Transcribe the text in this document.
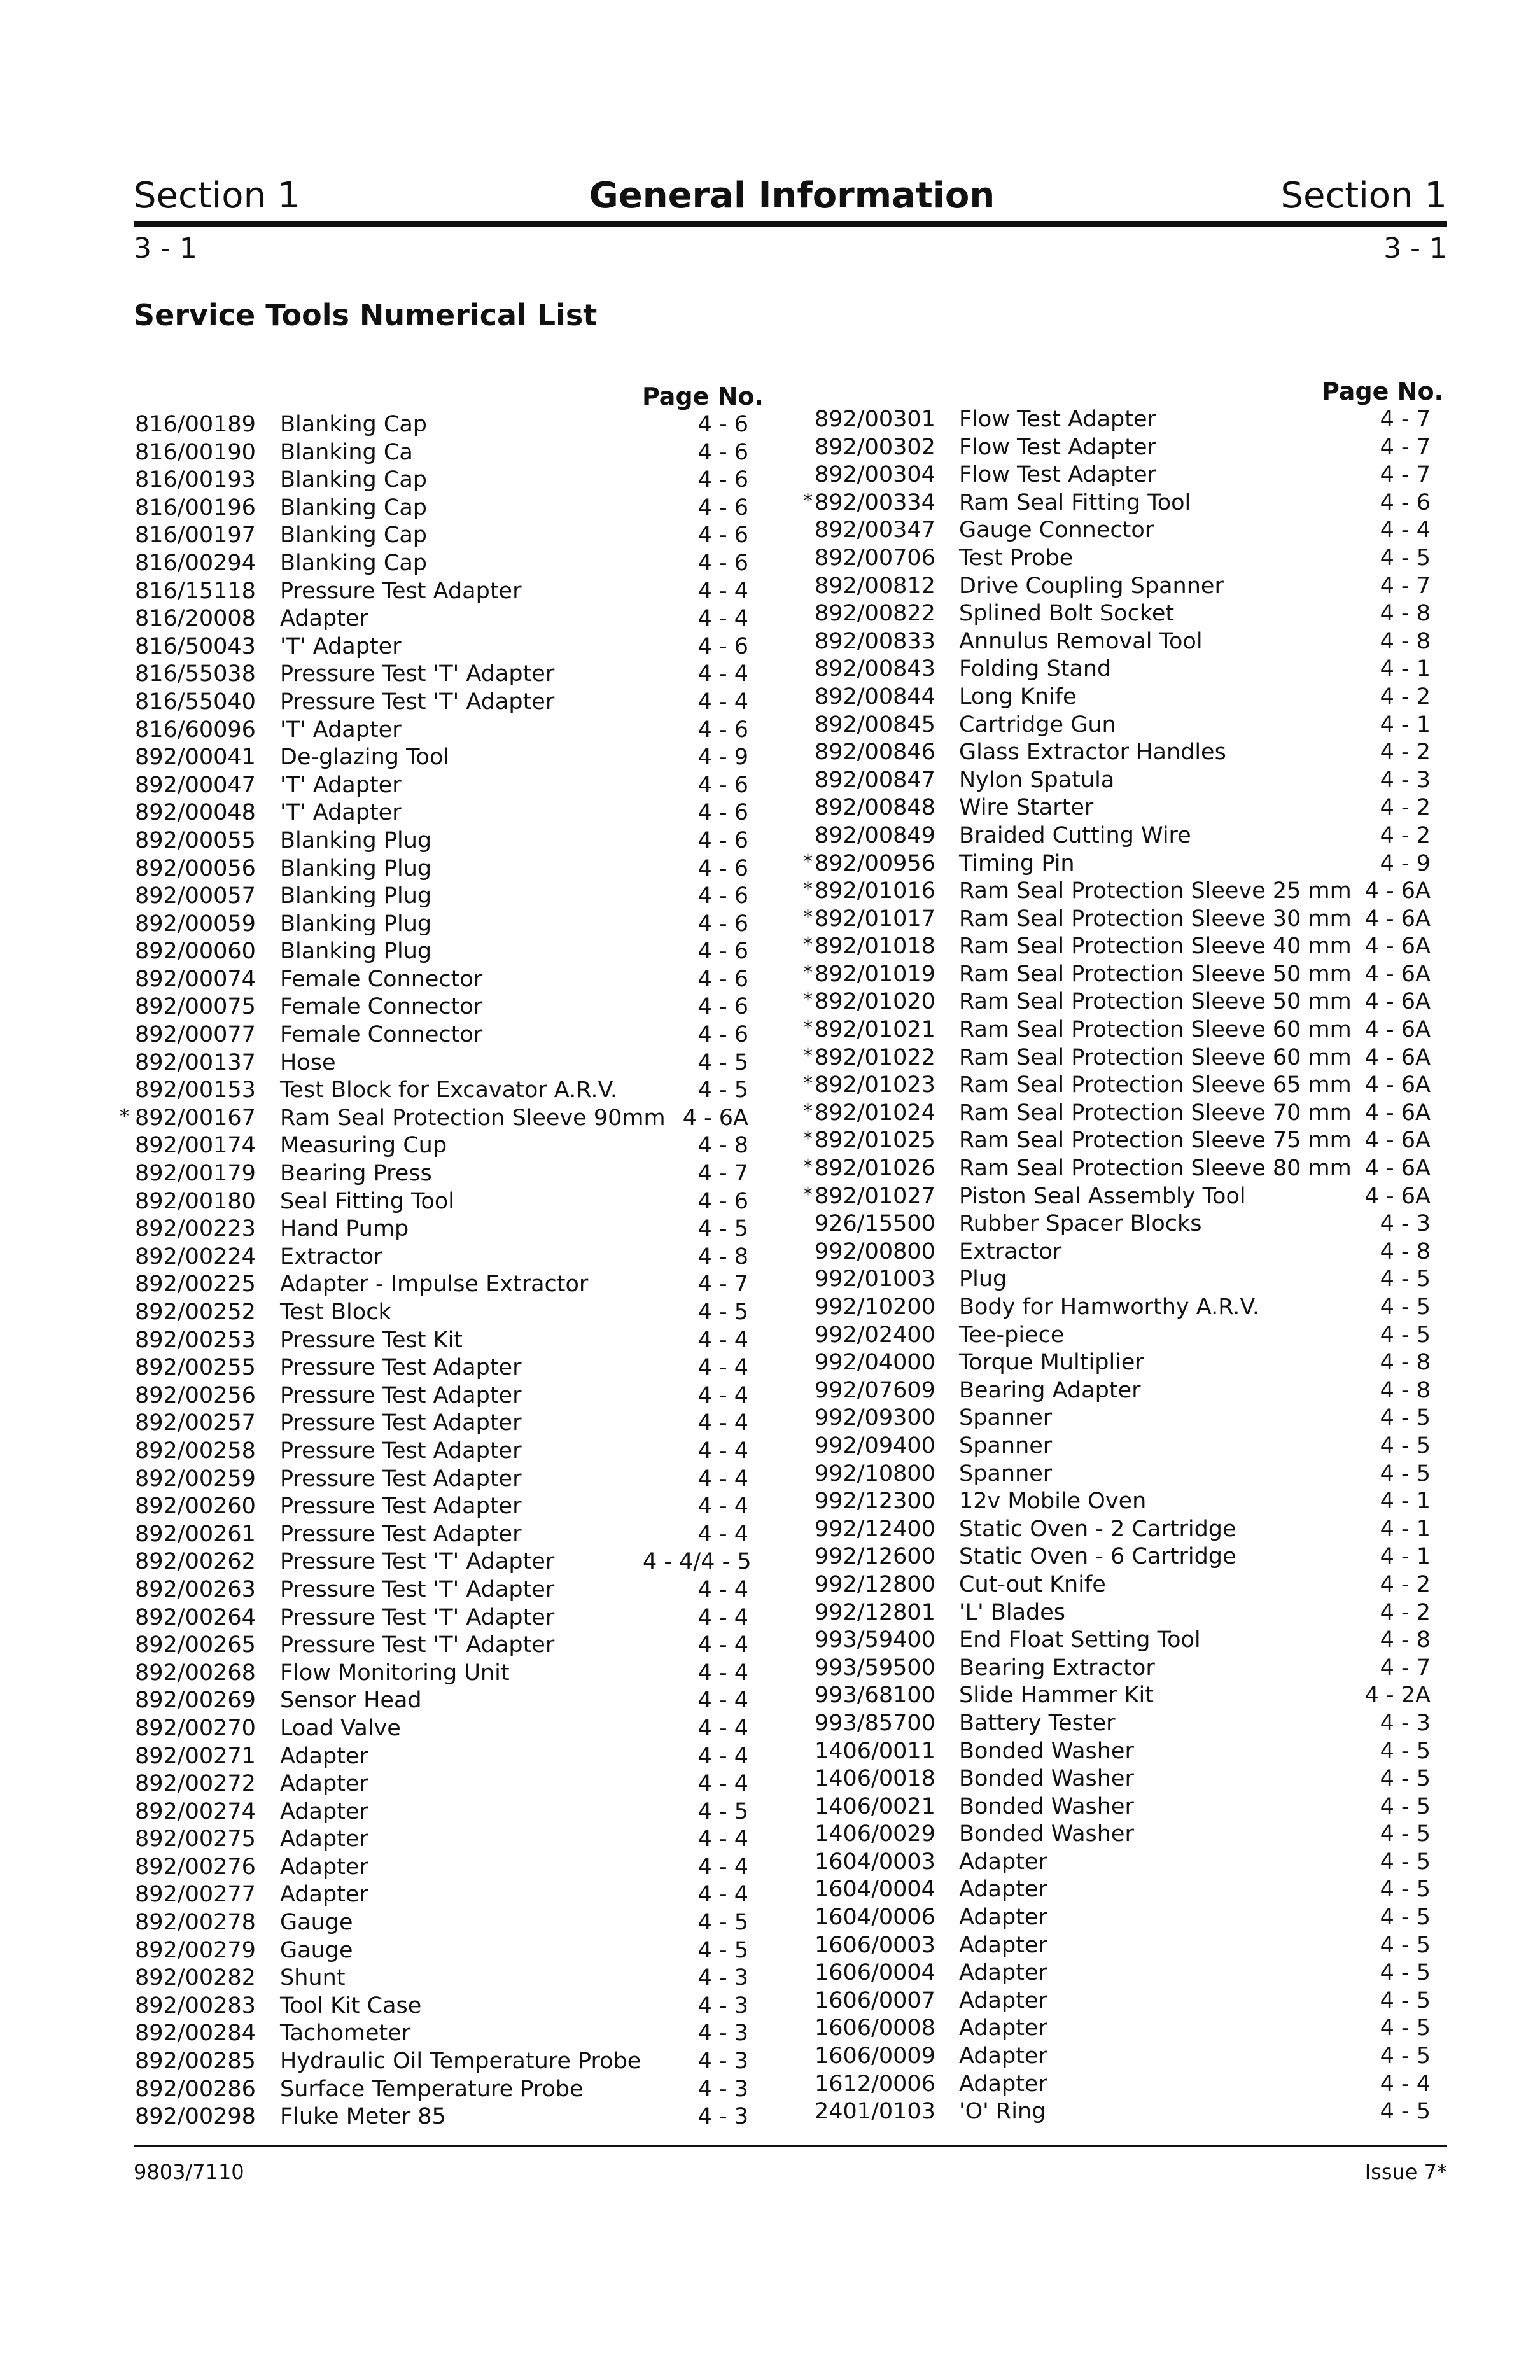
Section 1	General Information	Section 1
3 - 1	3 - 1
Service Tools Numerical List
Page No.
816/00189 Blanking Cap	4 - 6
816/00190 Blanking Ca	4 - 6
816/00193 Blanking Cap	4 - 6
816/00196 Blanking Cap	4 - 6
816/00197 Blanking Cap	4 - 6
816/00294 Blanking Cap	4 - 6
816/15118 Pressure Test Adapter	4 - 4
816/20008 Adapter	4 - 4
816/50043 'T' Adapter	4 - 6
816/55038 Pressure Test 'T' Adapter	4 - 4
816/55040 Pressure Test 'T' Adapter	4 - 4
816/60096 'T' Adapter	4 - 6
892/00041 De-glazing Tool	4 - 9
892/00047 'T' Adapter	4 - 6
892/00048 'T' Adapter	4 - 6
892/00055 Blanking Plug	4 - 6
892/00056 Blanking Plug	4 - 6
892/00057 Blanking Plug	4 - 6
892/00059 Blanking Plug	4 - 6
892/00060 Blanking Plug	4 - 6
892/00074 Female Connector	4 - 6
892/00075 Female Connector	4 - 6
892/00077 Female Connector	4 - 6
892/00137 Hose	4 - 5
892/00153 Test Block for Excavator A.R.V.	4 - 5
* 892/00167 Ram Seal Protection Sleeve 90mm 4 - 6A
892/00174 Measuring Cup	4 - 8
892/00179 Bearing Press	4 - 7
892/00180 Seal Fitting Tool	4 - 6
892/00223 Hand Pump	4 - 5
892/00224 Extractor	4 - 8
892/00225 Adapter - Impulse Extractor	4 - 7
892/00252 Test Block	4 - 5
892/00253 Pressure Test Kit	4 - 4
892/00255 Pressure Test Adapter	4 - 4
892/00256 Pressure Test Adapter	4 - 4
892/00257 Pressure Test Adapter	4 - 4
892/00258 Pressure Test Adapter	4 - 4
892/00259 Pressure Test Adapter	4 - 4
892/00260 Pressure Test Adapter	4 - 4
892/00261 Pressure Test Adapter	4 - 4
892/00262 Pressure Test 'T' Adapter	4 - 4/4 - 5
892/00263 Pressure Test 'T' Adapter	4 - 4
892/00264 Pressure Test 'T' Adapter	4 - 4
892/00265 Pressure Test 'T' Adapter	4 - 4
892/00268 Flow Monitoring Unit	4 - 4
892/00269 Sensor Head	4 - 4
892/00270 Load Valve	4 - 4
892/00271 Adapter	4 - 4
892/00272 Adapter	4 - 4
892/00274 Adapter	4 - 5
892/00275 Adapter	4 - 4
892/00276 Adapter	4 - 4
892/00277 Adapter	4 - 4
892/00278 Gauge	4 - 5
892/00279 Gauge	4 - 5
892/00282 Shunt	4 - 3
892/00283 Tool Kit Case	4 - 3
892/00284 Tachometer	4 - 3
892/00285 Hydraulic Oil Temperature Probe	4 - 3
892/00286 Surface Temperature Probe	4 - 3
892/00298 Fluke Meter 85	4 - 3
Page No.
892/00301 Flow Test Adapter	4 - 7
892/00302 Flow Test Adapter	4 - 7
892/00304 Flow Test Adapter	4 - 7
* 892/00334 Ram Seal Fitting Tool	4 - 6
892/00347 Gauge Connector	4 - 4
892/00706 Test Probe	4 - 5
892/00812 Drive Coupling Spanner	4 - 7
892/00822 Splined Bolt Socket	4 - 8
892/00833 Annulus Removal Tool	4 - 8
892/00843 Folding Stand	4 - 1
892/00844 Long Knife	4 - 2
892/00845 Cartridge Gun	4 - 1
892/00846 Glass Extractor Handles	4 - 2
892/00847 Nylon Spatula	4 - 3
892/00848 Wire Starter	4 - 2
892/00849 Braided Cutting Wire	4 - 2
* 892/00956 Timing Pin	4 - 9
* 892/01016 Ram Seal Protection Sleeve 25 mm 4 - 6A
* 892/01017 Ram Seal Protection Sleeve 30 mm 4 - 6A
* 892/01018 Ram Seal Protection Sleeve 40 mm 4 - 6A
* 892/01019 Ram Seal Protection Sleeve 50 mm 4 - 6A
* 892/01020 Ram Seal Protection Sleeve 50 mm 4 - 6A
* 892/01021 Ram Seal Protection Sleeve 60 mm 4 - 6A
* 892/01022 Ram Seal Protection Sleeve 60 mm 4 - 6A
* 892/01023 Ram Seal Protection Sleeve 65 mm 4 - 6A
* 892/01024 Ram Seal Protection Sleeve 70 mm 4 - 6A
* 892/01025 Ram Seal Protection Sleeve 75 mm 4 - 6A
* 892/01026 Ram Seal Protection Sleeve 80 mm 4 - 6A
* 892/01027 Piston Seal Assembly Tool	4 - 6A
926/15500 Rubber Spacer Blocks	4 - 3
992/00800 Extractor	4 - 8
992/01003 Plug	4 - 5
992/10200 Body for Hamworthy A.R.V.	4 - 5
992/02400 Tee-piece	4 - 5
992/04000 Torque Multiplier	4 - 8
992/07609 Bearing Adapter	4 - 8
992/09300 Spanner	4 - 5
992/09400 Spanner	4 - 5
992/10800 Spanner	4 - 5
992/12300 12v Mobile Oven	4 - 1
992/12400 Static Oven - 2 Cartridge	4 - 1
992/12600 Static Oven - 6 Cartridge	4 - 1
992/12800 Cut-out Knife	4 - 2
992/12801 'L' Blades	4 - 2
993/59400 End Float Setting Tool	4 - 8
993/59500 Bearing Extractor	4 - 7
993/68100 Slide Hammer Kit	4 - 2A
993/85700 Battery Tester	4 - 3
1406/0011 Bonded Washer	4 - 5
1406/0018 Bonded Washer	4 - 5
1406/0021 Bonded Washer	4 - 5
1406/0029 Bonded Washer	4 - 5
1604/0003 Adapter	4 - 5
1604/0004 Adapter	4 - 5
1604/0006 Adapter	4 - 5
1606/0003 Adapter	4 - 5
1606/0004 Adapter	4 - 5
1606/0007 Adapter	4 - 5
1606/0008 Adapter	4 - 5
1606/0009 Adapter	4 - 5
1612/0006 Adapter	4 - 4
2401/0103 'O' Ring	4 - 5
9803/7110	Issue 7*
